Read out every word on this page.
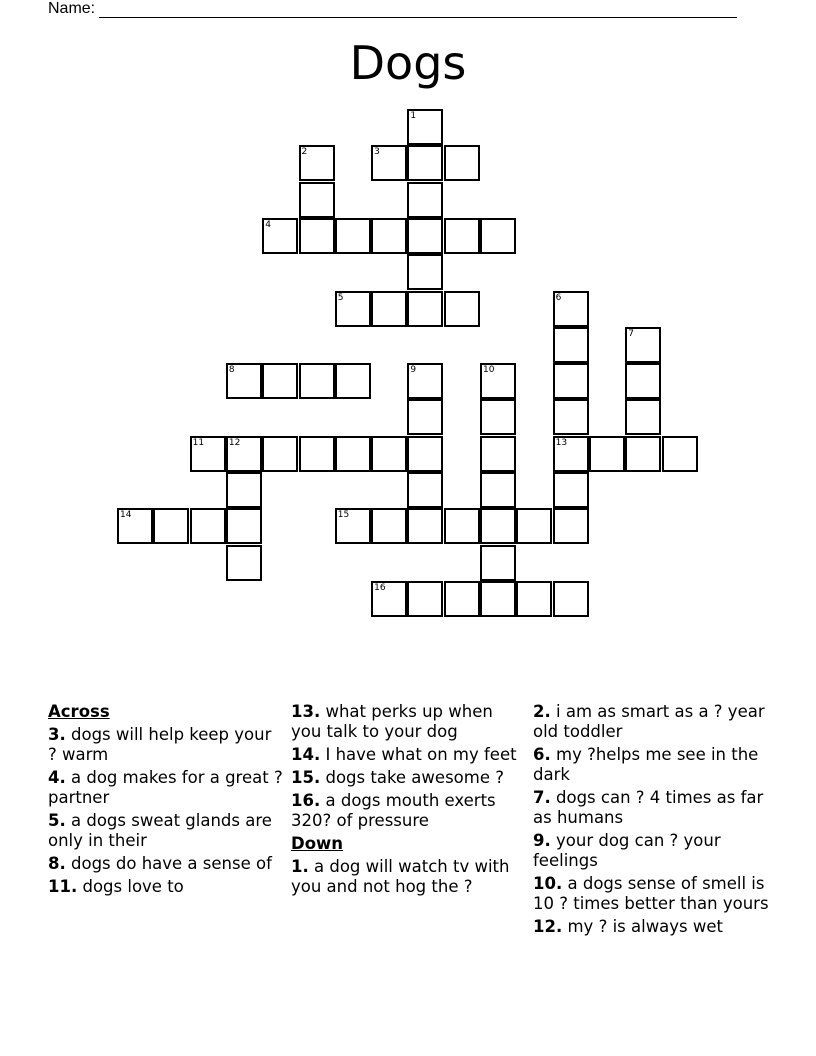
Name:
Dogs
1
2	3
4
5	6
7
8	9	10
11	12	13
14	15
16
Across
3. dogs will help keep your ? warm
4. a dog makes for a great ? partner
5. a dogs sweat glands are only in their
8. dogs do have a sense of
11. dogs love to
13. what perks up when you talk to your dog
14. I have what on my feet
15. dogs take awesome ?
16. a dogs mouth exerts 320? of pressure
Down
1. a dog will watch tv with you and not hog the ?
2. i am as smart as a ? year old toddler
6. my ?helps me see in the dark
7. dogs can ? 4 times as far as humans
9. your dog can ? your feelings
10. a dogs sense of smell is 10 ? times better than yours
12. my ? is always wet
